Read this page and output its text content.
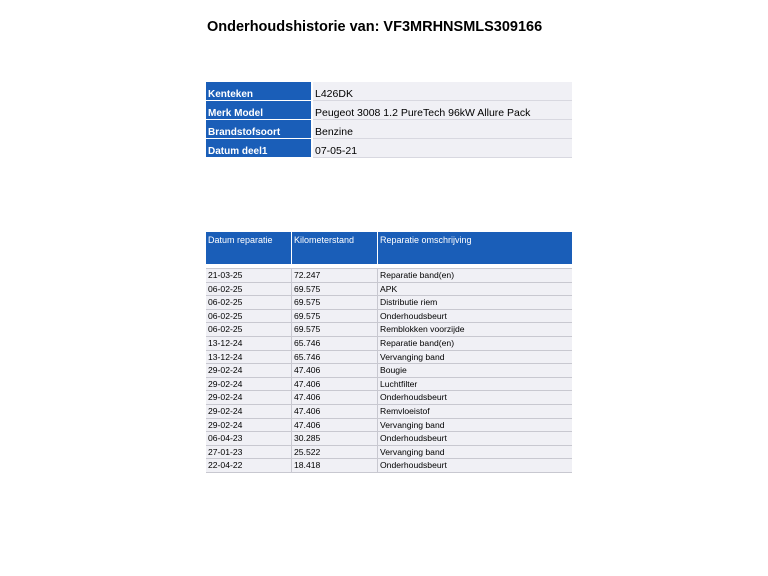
Onderhoudshistorie van: VF3MRHNSMLS309166
Kenteken	L426DK
Merk Model	Peugeot 3008 1.2 PureTech 96kW Allure Pack
Brandstofsoort	Benzine
Datum deel1	07-05-21
Datum reparatie	Kilometerstand	Reparatie omschrijving
21-03-25	72.247	Reparatie band(en)
06-02-25	69.575	APK
06-02-25	69.575	Distributie riem
06-02-25	69.575	Onderhoudsbeurt
06-02-25	69.575	Remblokken voorzijde
13-12-24	65.746	Reparatie band(en)
13-12-24	65.746	Vervanging band
29-02-24	47.406	Bougie
29-02-24	47.406	Luchtfilter
29-02-24	47.406	Onderhoudsbeurt
29-02-24	47.406	Remvloeistof
29-02-24	47.406	Vervanging band
06-04-23	30.285	Onderhoudsbeurt
27-01-23	25.522	Vervanging band
22-04-22	18.418	Onderhoudsbeurt
